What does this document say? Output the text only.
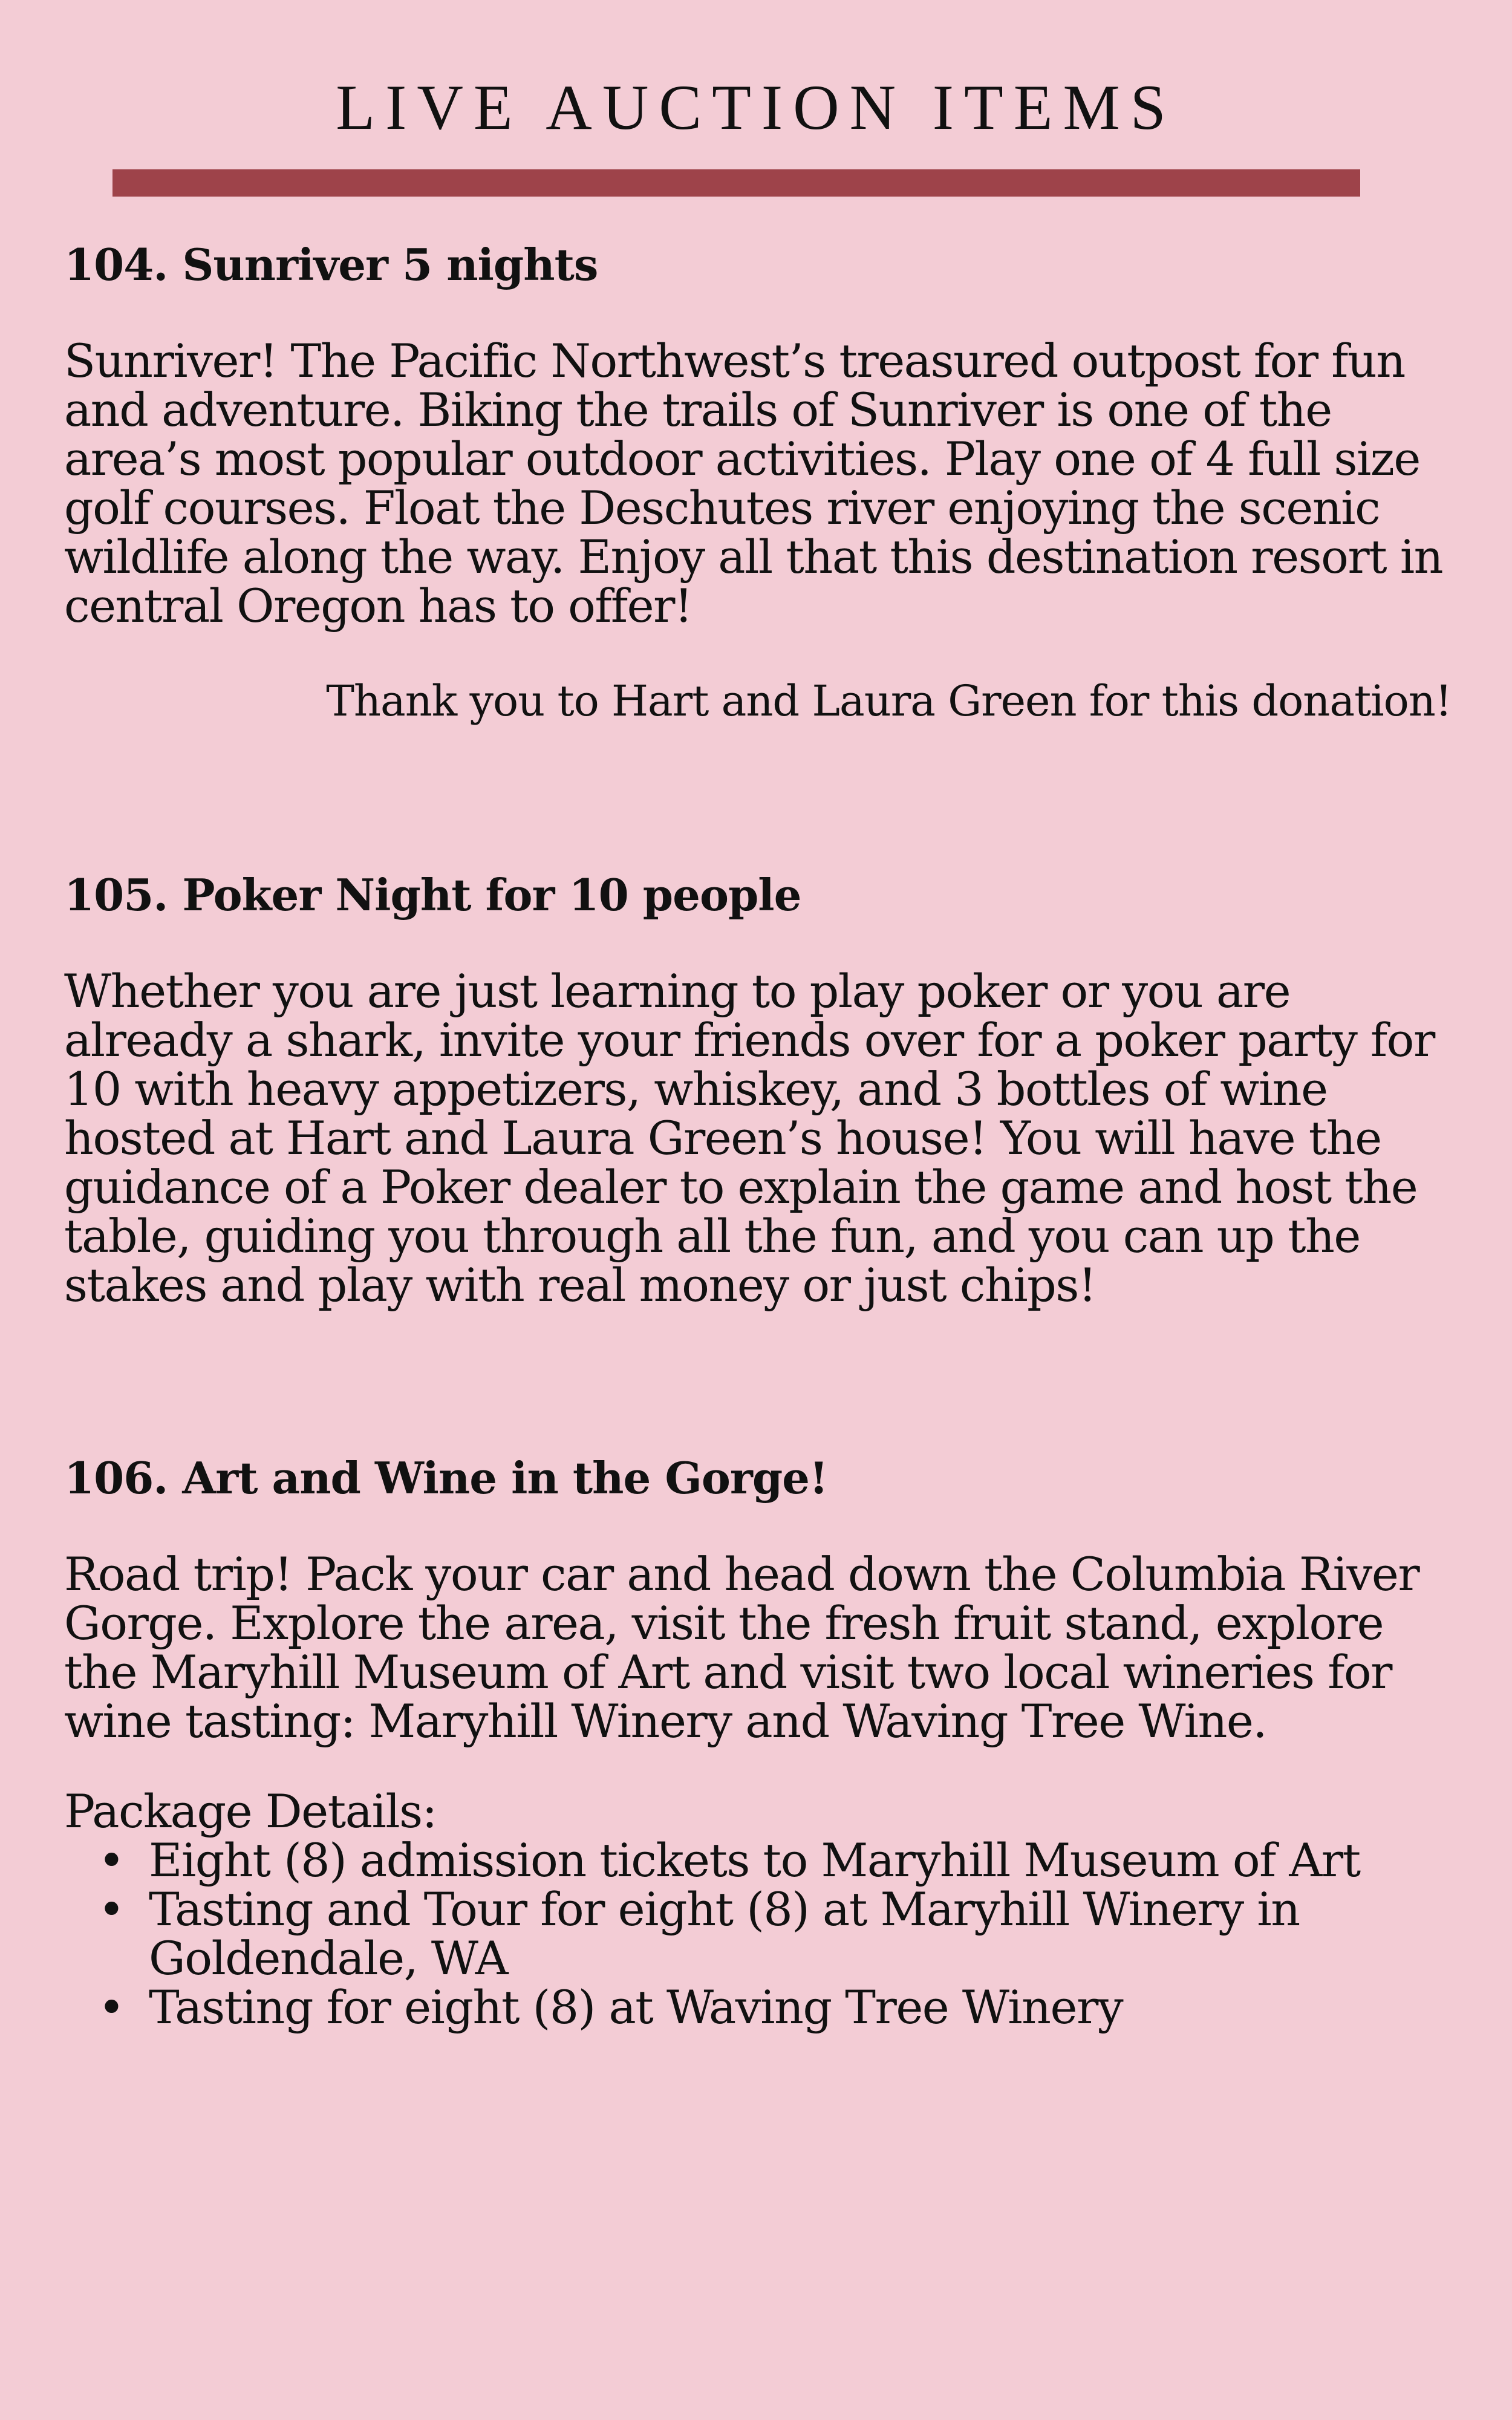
LIVE AUCTION ITEMS
104. Sunriver 5 nights

Sunriver! The Pacific Northwest’s treasured outpost for fun and adventure. Biking the trails of Sunriver is one of the area’s most popular outdoor activities. Play one of 4 full size golf courses. Float the Deschutes river enjoying the scenic wildlife along the way. Enjoy all that this destination resort in central Oregon has to offer!

Thank you to Hart and Laura Green for this donation!

105. Poker Night for 10 people

Whether you are just learning to play poker or you are already a shark, invite your friends over for a poker party for 10 with heavy appetizers, whiskey, and 3 bottles of wine hosted at Hart and Laura Green’s house! You will have the guidance of a Poker dealer to explain the game and host the table, guiding you through all the fun, and you can up the stakes and play with real money or just chips!

106. Art and Wine in the Gorge!

Road trip! Pack your car and head down the Columbia River Gorge. Explore the area, visit the fresh fruit stand, explore the Maryhill Museum of Art and visit two local wineries for wine tasting: Maryhill Winery and Waving Tree Wine.

Package Details:

• Eight (8) admission tickets to Maryhill Museum of Art
• Tasting and Tour for eight (8) at Maryhill Winery in Goldendale, WA
• Tasting for eight (8) at Waving Tree Winery
